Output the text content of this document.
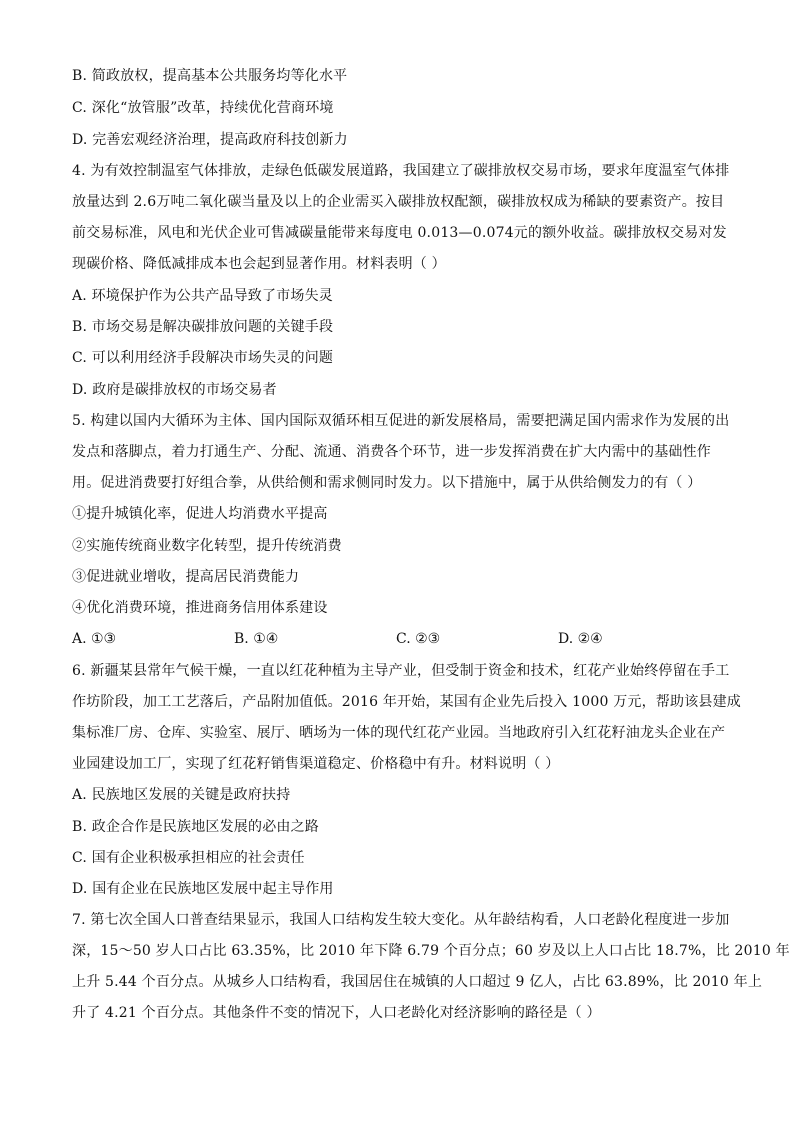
B. 简政放权，提高基本公共服务均等化水平
C. 深化“放管服”改革，持续优化营商环境
D. 完善宏观经济治理，提高政府科技创新力
4. 为有效控制温室气体排放，走绿色低碳发展道路，我国建立了碳排放权交易市场，要求年度温室气体排
放量达到 2.6万吨二氧化碳当量及以上的企业需买入碳排放权配额，碳排放权成为稀缺的要素资产。按目
前交易标准，风电和光伏企业可售减碳量能带来每度电 0.013—0.074元的额外收益。碳排放权交易对发
现碳价格、降低减排成本也会起到显著作用。材料表明（ ）
A. 环境保护作为公共产品导致了市场失灵
B. 市场交易是解决碳排放问题的关键手段
C. 可以利用经济手段解决市场失灵的问题
D. 政府是碳排放权的市场交易者
5. 构建以国内大循环为主体、国内国际双循环相互促进的新发展格局，需要把满足国内需求作为发展的出
发点和落脚点，着力打通生产、分配、流通、消费各个环节，进一步发挥消费在扩大内需中的基础性作
用。促进消费要打好组合拳，从供给侧和需求侧同时发力。以下措施中，属于从供给侧发力的有（ ）
①提升城镇化率，促进人均消费水平提高
②实施传统商业数字化转型，提升传统消费
③促进就业增收，提高居民消费能力
④优化消费环境，推进商务信用体系建设
A. ①③	B. ①④	C. ②③	D. ②④
6. 新疆某县常年气候干燥，一直以红花种植为主导产业，但受制于资金和技术，红花产业始终停留在手工
作坊阶段，加工工艺落后，产品附加值低。2016 年开始，某国有企业先后投入 1000 万元，帮助该县建成
集标准厂房、仓库、实验室、展厅、晒场为一体的现代红花产业园。当地政府引入红花籽油龙头企业在产
业园建设加工厂，实现了红花籽销售渠道稳定、价格稳中有升。材料说明（ ）
A. 民族地区发展的关键是政府扶持
B. 政企合作是民族地区发展的必由之路
C. 国有企业积极承担相应的社会责任
D. 国有企业在民族地区发展中起主导作用
7. 第七次全国人口普查结果显示，我国人口结构发生较大变化。从年龄结构看，人口老龄化程度进一步加
深，15～50 岁人口占比 63.35%，比 2010 年下降 6.79 个百分点；60 岁及以上人口占比 18.7%，比 2010 年
上升 5.44 个百分点。从城乡人口结构看，我国居住在城镇的人口超过 9 亿人，占比 63.89%，比 2010 年上
升了 4.21 个百分点。其他条件不变的情况下，人口老龄化对经济影响的路径是（ ）
